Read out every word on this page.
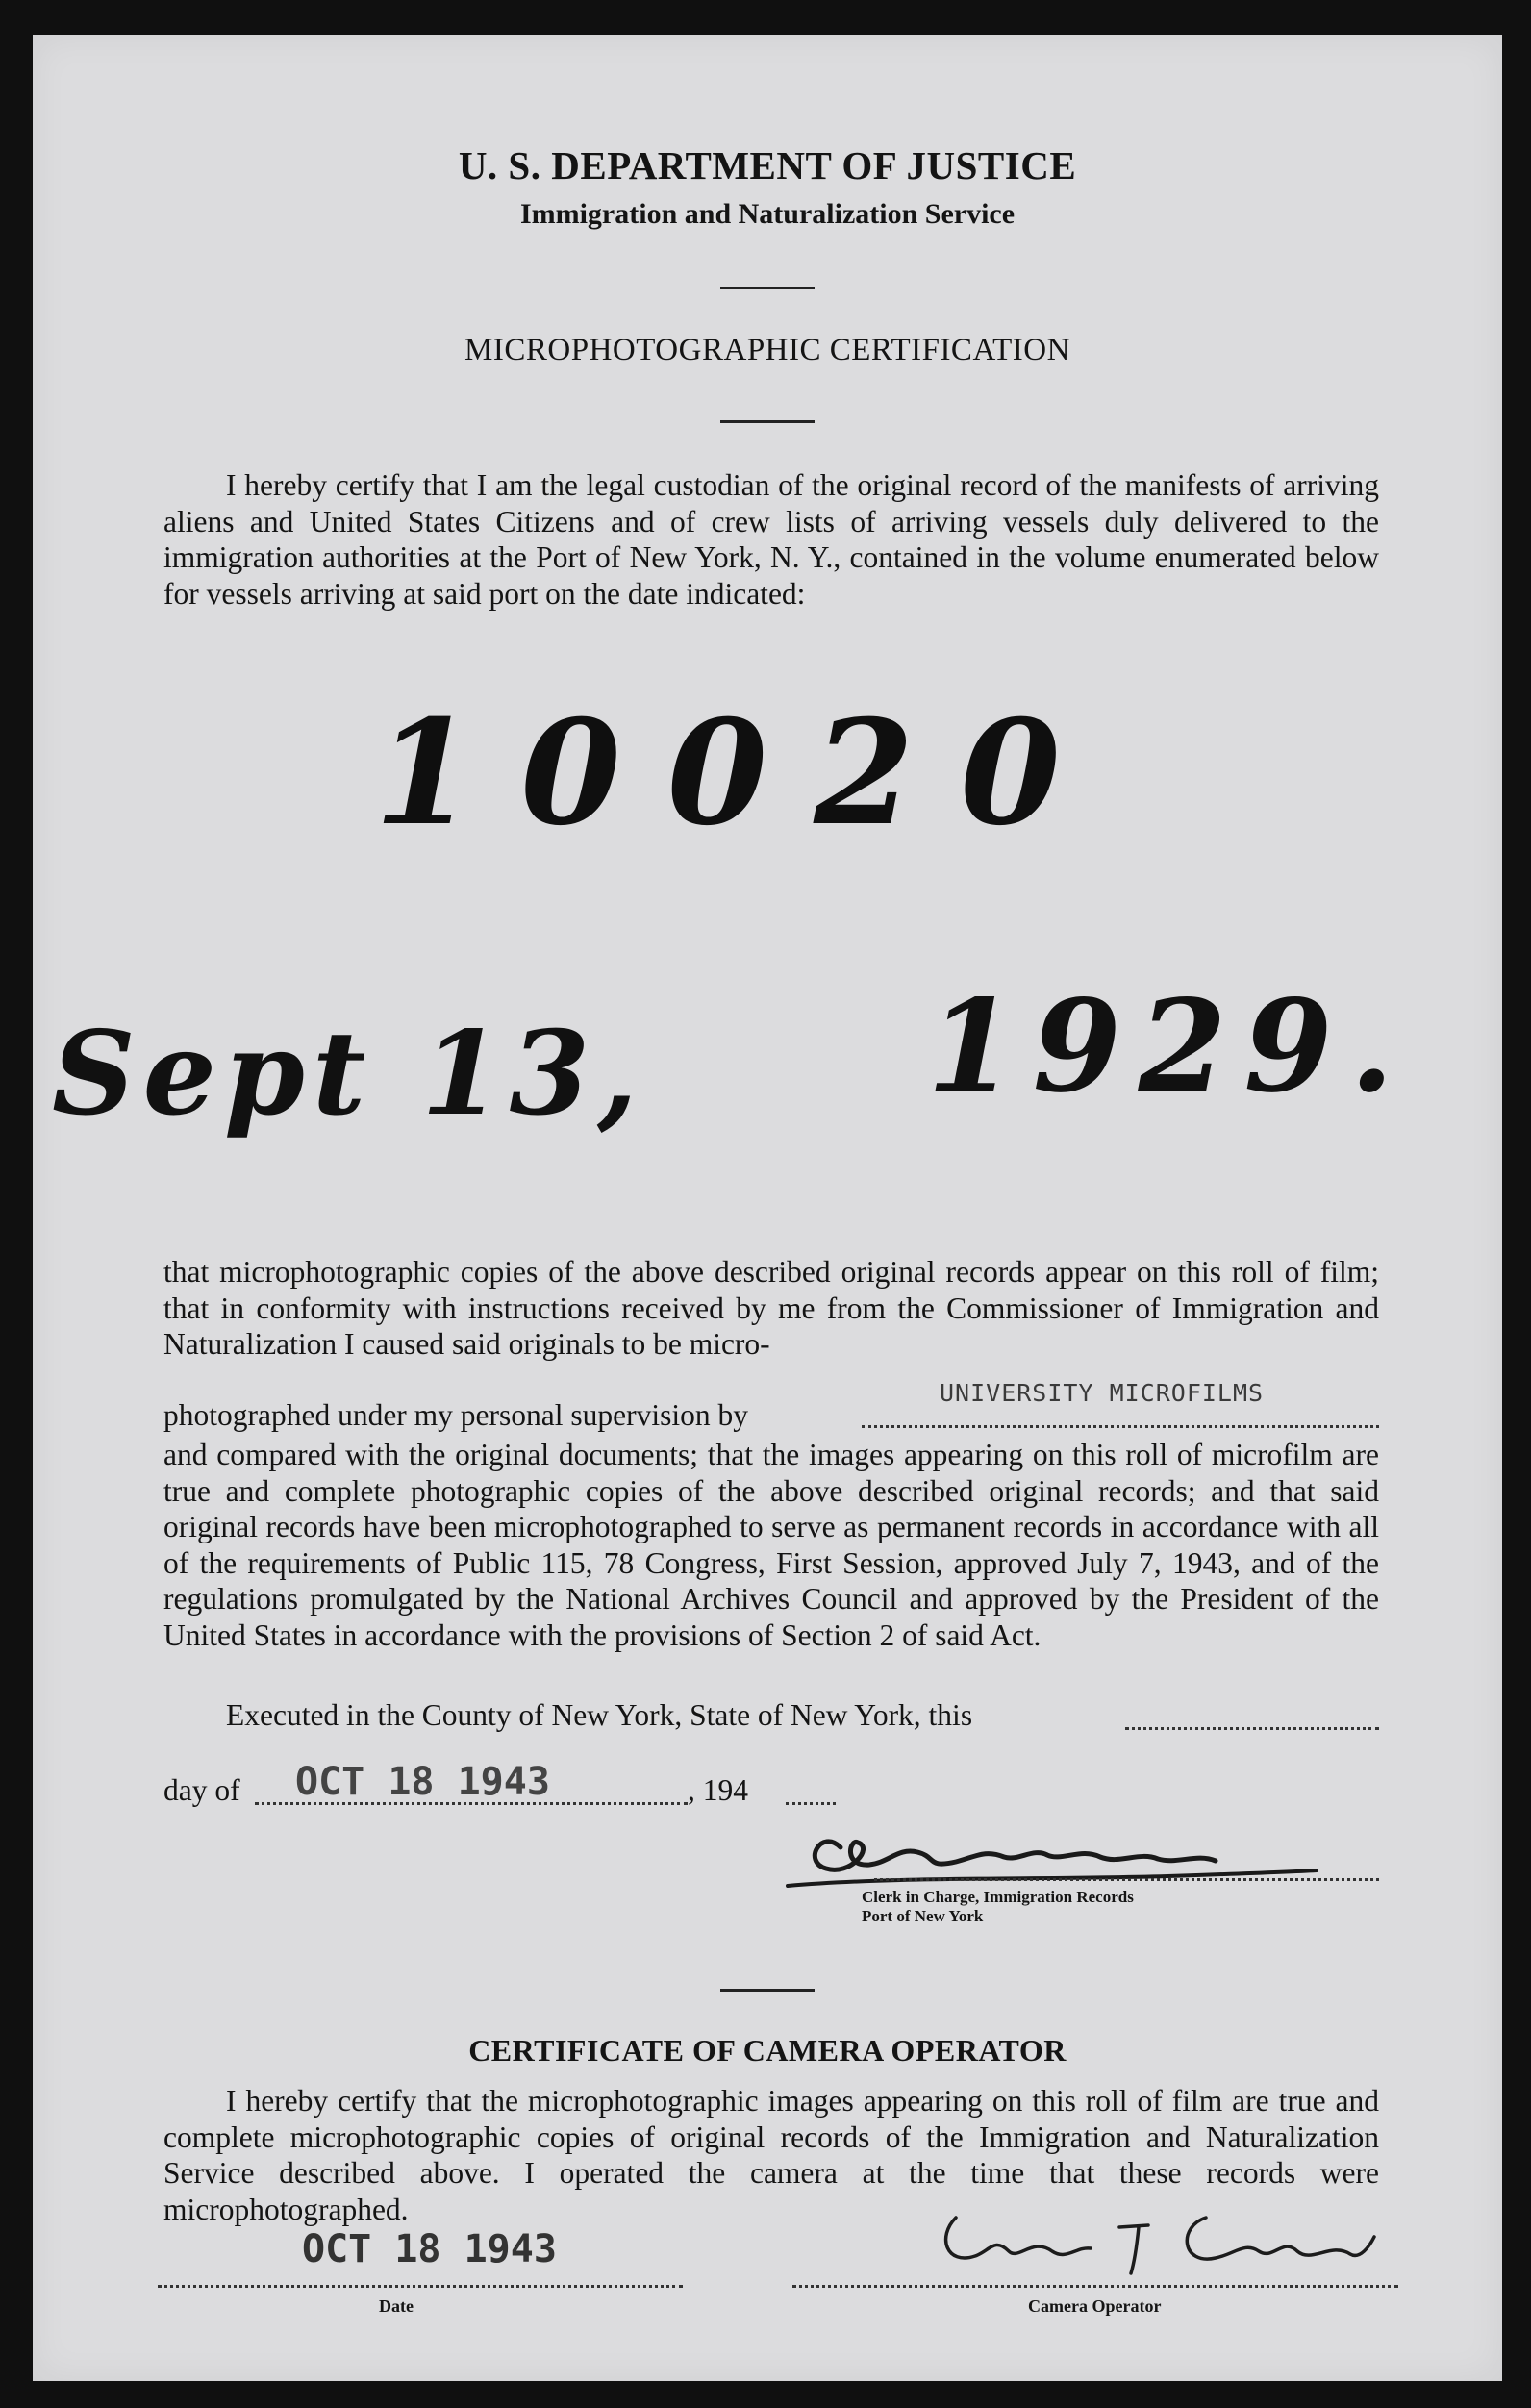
U. S. DEPARTMENT OF JUSTICE
Immigration and Naturalization Service
MICROPHOTOGRAPHIC CERTIFICATION
I hereby certify that I am the legal custodian of the original record of the manifests of arriving aliens and United States Citizens and of crew lists of arriving vessels duly delivered to the immigration authorities at the Port of New York, N. Y., contained in the volume enumerated below for vessels arriving at said port on the date indicated:
10020
Sept 13, 1929.
that microphotographic copies of the above described original records appear on this roll of film; that in conformity with instructions received by me from the Commissioner of Immigration and Naturalization I caused said originals to be micro-
photographed under my personal supervision by
UNIVERSITY MICROFILMS
and compared with the original documents; that the images appearing on this roll of microfilm are true and complete photographic copies of the above described original records; and that said original records have been microphotographed to serve as permanent records in accordance with all of the requirements of Public 115, 78 Congress, First Session, approved July 7, 1943, and of the regulations promulgated by the National Archives Council and approved by the President of the United States in accordance with the provisions of Section 2 of said Act.
Executed in the County of New York, State of New York, this
day of OCT 18 1943	, 194
Clerk in Charge, Immigration Records
Port of New York
CERTIFICATE OF CAMERA OPERATOR
I hereby certify that the microphotographic images appearing on this roll of film are true and complete microphotographic copies of original records of the Immigration and Naturalization Service described above. I operated the camera at the time that these records were microphotographed.
OCT 18 1943
Date	Camera Operator
